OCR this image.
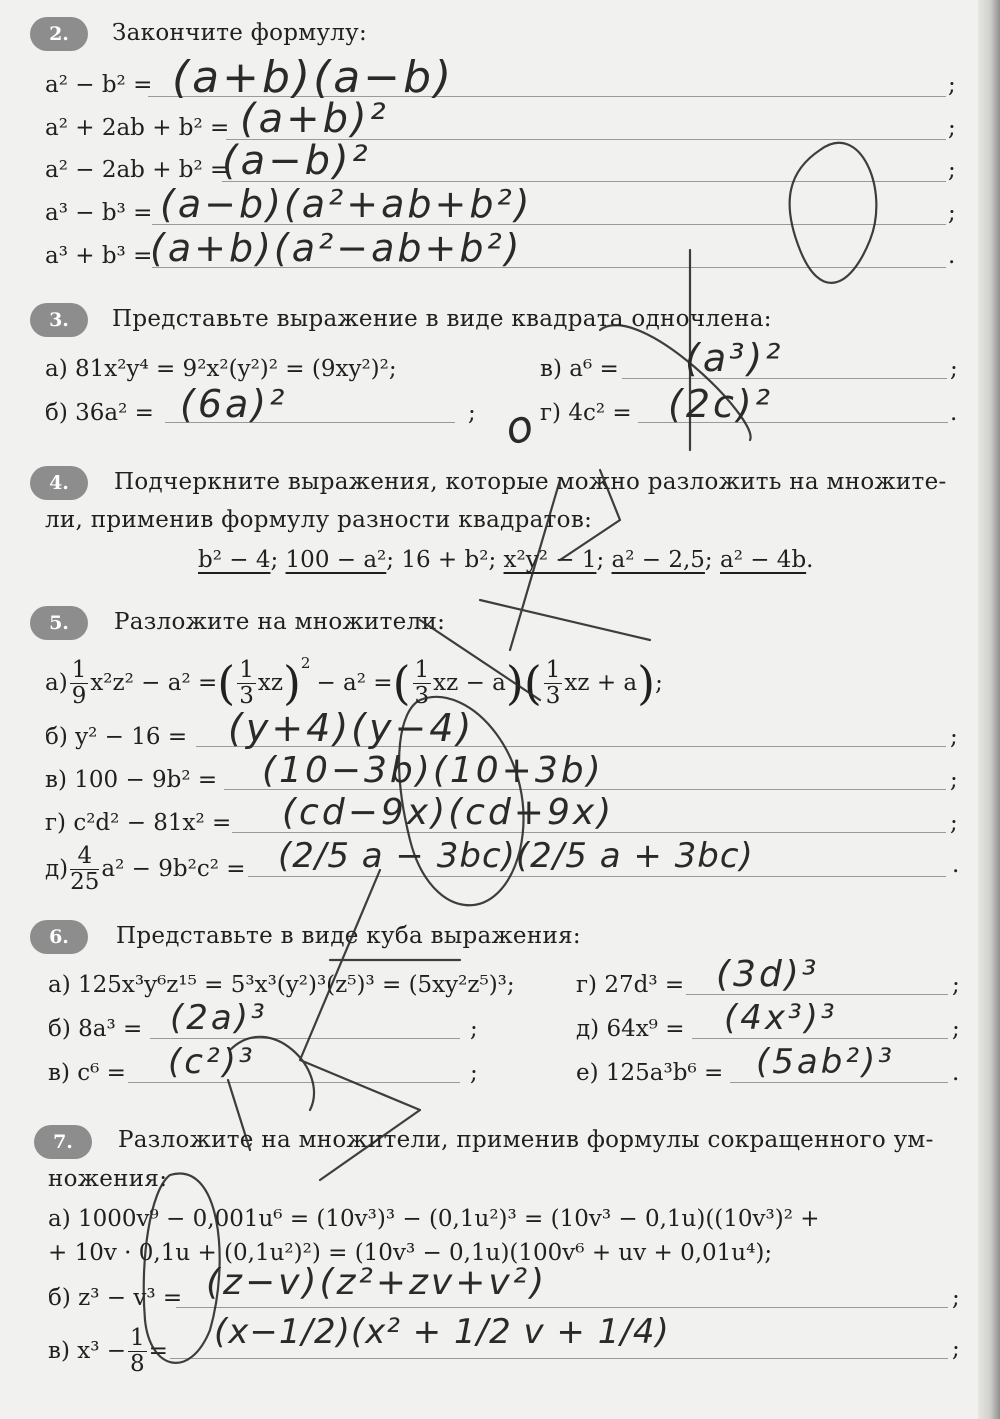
2.	Закончите формулу:
a² − b² = (a+b)(a−b)	;
a² + 2ab + b² = (a+b)²	;
a² − 2ab + b² =
(a−b)²	;
a³ − b³ = (a−b)(a²+ab+b²)	;
a³ + b³ =
(a+b)(a²−ab+b²)	.
3.	Представьте выражение в виде квадрата одночлена:
а) 81x²y⁴ = 9²x²(y²)² = (9xy²)²;	в) a⁶ = (a³)²	;
б) 36a² = (6a)²	;	г) 4c² = (2c)²	.
4.	Подчеркните выражения, которые можно разложить на множите-
ли, применив формулу разности квадратов:
b² − 4; 100 − a²; 16 + b²; x²y² − 1; a² − 2,5; a² − 4b.
5.	Разложите на множители:
$а) \frac{1}{9} x^2z^2 - a^2$ = ( $\frac{1}{3}$ xz )$^2$
− a² = ( $\frac{1}{3}$ xz − a )( $\frac{1}{3}$ xz + a ) ;
б) y² − 16 = (y+4)(y−4)	;
в) 100 − 9b² = (10−3b)(10+3b)	;
г) c²d² − 81x² = (cd−9x)(cd+9x)	;
$д) \frac{4}{25} a^2 - 9b^2c^2 = (2/5$ a − 3bc)(2/5 a + 3bc)	.
6.	Представьте в виде куба выражения:
а) 125x³y⁶z¹⁵ = 5³x³(y²)³(z⁵)³ = (5xy²z⁵)³;	г) 27d³ = (3d)³	;
б) 8a³ = (2a)³	;	д) 64x⁹ = (4x³)³	;
в) c⁶ = (c²)³	;	е) 125a³b⁶ = (5ab²)³ .
7.	Разложите на множители, применив формулы сокращенного ум-
ножения:
а) 1000v⁹ − 0,001u⁶ = (10v³)³ − (0,1u²)³ = (10v³ − 0,1u)((10v³)² +
+ 10v · 0,1u + (0,1u²)²) = (10v³ − 0,1u)(100v⁶ + uv + 0,01u⁴);
б) z³ − v³ = (z−v)(z²+zv+v²)	;
в) $x^3 - \frac{1}{8} = (x-1/2)(x^2 + 1/2$ v + 1/4)	;
o
